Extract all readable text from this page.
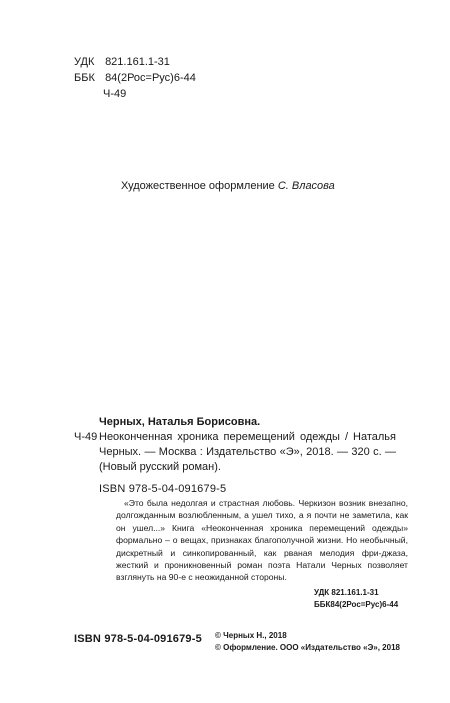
УДК 821.161.1-31
ББК 84(2Рос=Рус)6-44
Ч-49
Художественное оформление С. Власова
Черных, Наталья Борисовна.
Ч-49 Неоконченная хроника перемещений одежды / Наталья Черных. — Москва : Издательство «Э», 2018. — 320 с. — (Новый русский роман).
ISBN 978-5-04-091679-5
«Это была недолгая и страстная любовь. Черкизон возник внезапно, долгожданным возлюбленным, а ушел тихо, а я почти не заметила, как он ушел...» Книга «Неоконченная хроника перемещений одежды» формально – о вещах, признаках благополучной жизни. Но необычный, дискретный и синкопированный, как рваная мелодия фри-джаза, жесткий и проникновенный роман поэта Натали Черных позволяет взглянуть на 90-е с неожиданной стороны.
УДК 821.161.1-31
ББК84(2Рос=Рус)6-44
ISBN 978-5-04-091679-5 © Черных Н., 2018
© Оформление. ООО «Издательство «Э», 2018
